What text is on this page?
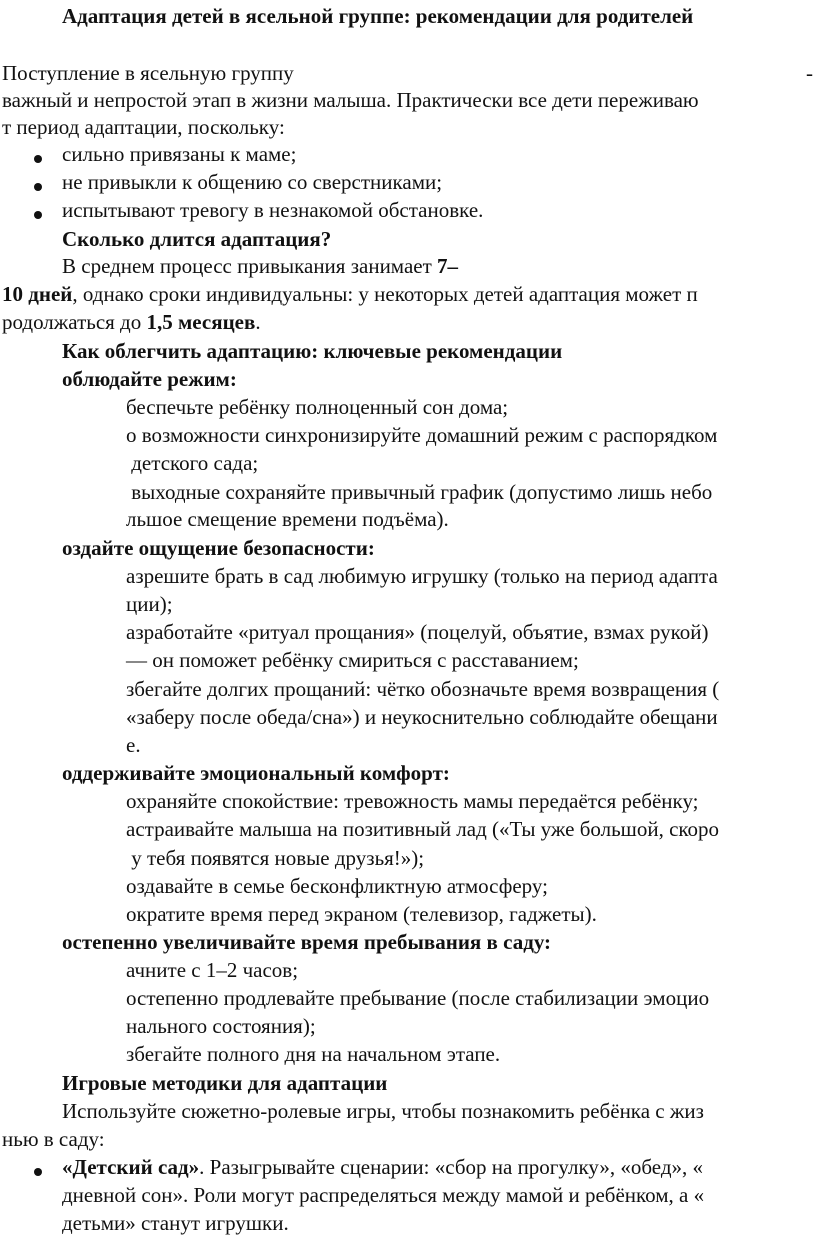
Адаптация детей в ясельной группе: рекомендации для родителей
Поступление в ясельную группу	-
важный и непростой этап в жизни малыша. Практически все дети переживаю
т период адаптации, поскольку:
сильно привязаны к маме;
не привыкли к общению со сверстниками;
испытывают тревогу в незнакомой обстановке.
Сколько длится адаптация?
В среднем процесс привыкания занимает 7–
10 дней, однако сроки индивидуальны: у некоторых детей адаптация может п
родолжаться до 1,5 месяцев.
Как облегчить адаптацию: ключевые рекомендации
облюдайте режим:
беспечьте ребёнку полноценный сон дома;
о возможности синхронизируйте домашний режим с распорядком
детского сада;
выходные сохраняйте привычный график (допустимо лишь небо
льшое смещение времени подъёма).
оздайте ощущение безопасности:
азрешите брать в сад любимую игрушку (только на период адапта
ции);
азработайте «ритуал прощания» (поцелуй, объятие, взмах рукой)
— он поможет ребёнку смириться с расставанием;
збегайте долгих прощаний: чётко обозначьте время возвращения (
«заберу после обеда/сна») и неукоснительно соблюдайте обещани
е.
оддерживайте эмоциональный комфорт:
охраняйте спокойствие: тревожность мамы передаётся ребёнку;
астраивайте малыша на позитивный лад («Ты уже большой, скоро
у тебя появятся новые друзья!»);
оздавайте в семье бесконфликтную атмосферу;
ократите время перед экраном (телевизор, гаджеты).
остепенно увеличивайте время пребывания в саду:
ачните с 1–2 часов;
остепенно продлевайте пребывание (после стабилизации эмоцио
нального состояния);
збегайте полного дня на начальном этапе.
Игровые методики для адаптации
Используйте сюжетно-ролевые игры, чтобы познакомить ребёнка с жиз
нью в саду:
«Детский сад». Разыгрывайте сценарии: «сбор на прогулку», «обед», «
дневной сон». Роли могут распределяться между мамой и ребёнком, а «
детьми» станут игрушки.
